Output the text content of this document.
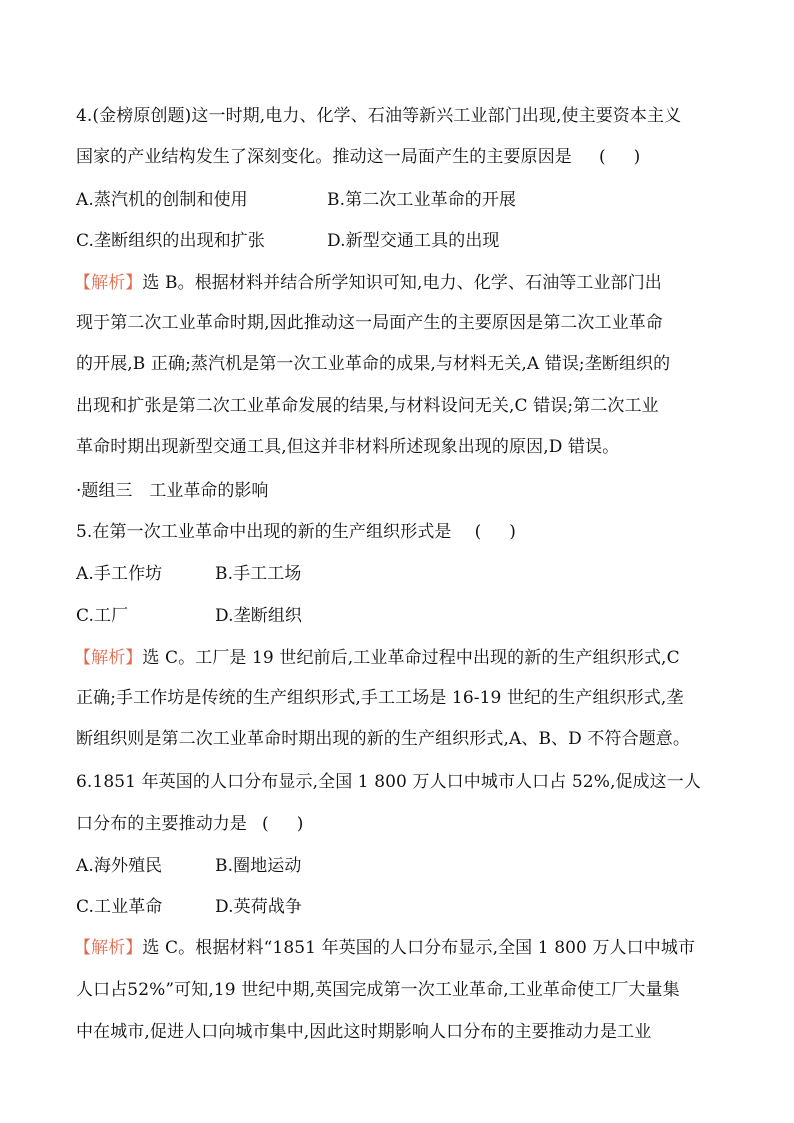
4.(金榜原创题)这一时期,电力、化学、石油等新兴工业部门出现,使主要资本主义
国家的产业结构发生了深刻变化。推动这一局面产生的主要原因是 ( )
A.蒸汽机的创制和使用	B.第二次工业革命的开展
C.垄断组织的出现和扩张	D.新型交通工具的出现
【解析】选 B。根据材料并结合所学知识可知,电力、化学、石油等工业部门出
现于第二次工业革命时期,因此推动这一局面产生的主要原因是第二次工业革命
的开展,B 正确;蒸汽机是第一次工业革命的成果,与材料无关,A 错误;垄断组织的
出现和扩张是第二次工业革命发展的结果,与材料设问无关,C 错误;第二次工业
革命时期出现新型交通工具,但这并非材料所述现象出现的原因,D 错误。
·题组三　工业革命的影响
5.在第一次工业革命中出现的新的生产组织形式是 ( )
A.手工作坊	B.手工工场
C.工厂	D.垄断组织
【解析】选 C。工厂是 19 世纪前后,工业革命过程中出现的新的生产组织形式,C
正确;手工作坊是传统的生产组织形式,手工工场是 16-19 世纪的生产组织形式,垄
断组织则是第二次工业革命时期出现的新的生产组织形式,A、B、D 不符合题意。
6.1851 年英国的人口分布显示,全国 1 800 万人口中城市人口占 52%,促成这一人
口分布的主要推动力是 ( )
A.海外殖民	B.圈地运动
C.工业革命	D.英荷战争
【解析】选 C。根据材料“1851 年英国的人口分布显示,全国 1 800 万人口中城市
人口占52%”可知,19 世纪中期,英国完成第一次工业革命,工业革命使工厂大量集
中在城市,促进人口向城市集中,因此这时期影响人口分布的主要推动力是工业
